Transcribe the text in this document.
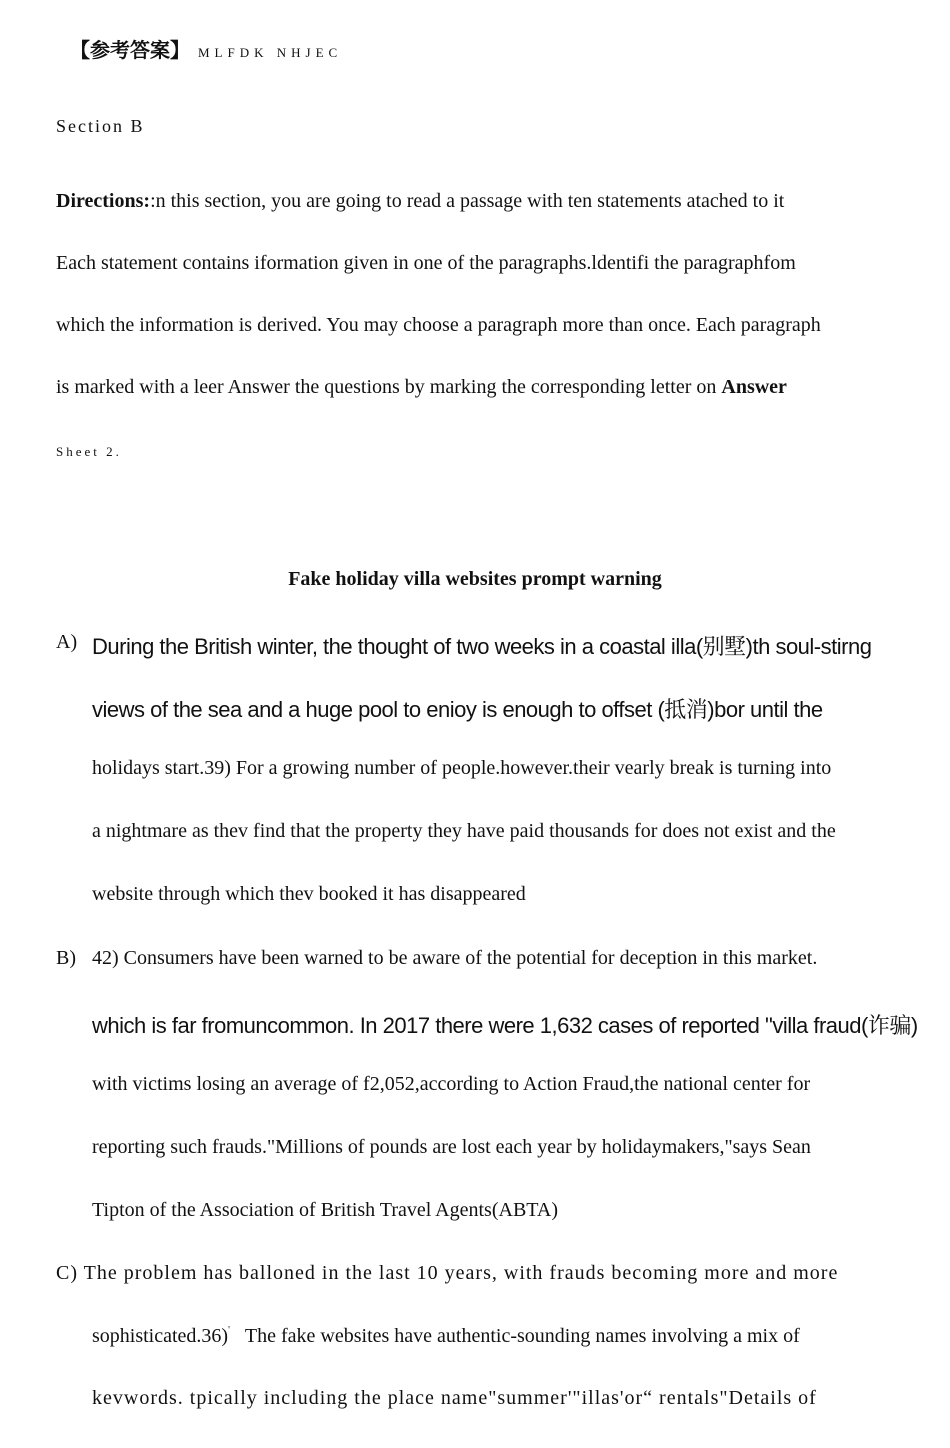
【参考答案】 MLFDK NHJEC
Section B
Directions::n this section, you are going to read a passage with ten statements atached to it
Each statement contains iformation given in one of the paragraphs.ldentifi the paragraphfom
which the information is derived. You may choose a paragraph more than once. Each paragraph
is marked with a leer Answer the questions by marking the corresponding letter on Answer
Sheet 2.
Fake holiday villa websites prompt warning
A) During the British winter, the thought of two weeks in a coastal illa(别墅)th soul-stirng
views of the sea and a huge pool to enioy is enough to offset (抵消)bor until the
holidays start.39) For a growing number of people.however.their vearly break is turning into
a nightmare as thev find that the property they have paid thousands for does not exist and the
website through which thev booked it has disappeared
B) 42) Consumers have been warned to be aware of the potential for deception in this market.
which is far fromuncommon. In 2017 there were 1,632 cases of reported "villa fraud(诈骗)
with victims losing an average of f2,052,according to Action Fraud,the national center for
reporting such frauds."Millions of pounds are lost each year by holidaymakers,"says Sean
Tipton of the Association of British Travel Agents(ABTA)
C) The problem has balloned in the last 10 years, with frauds becoming more and more
sophisticated.36)' The fake websites have authentic-sounding names involving a mix of
kevwords. tpically including the place name"summer'"illas'or“ rentals"Details of
